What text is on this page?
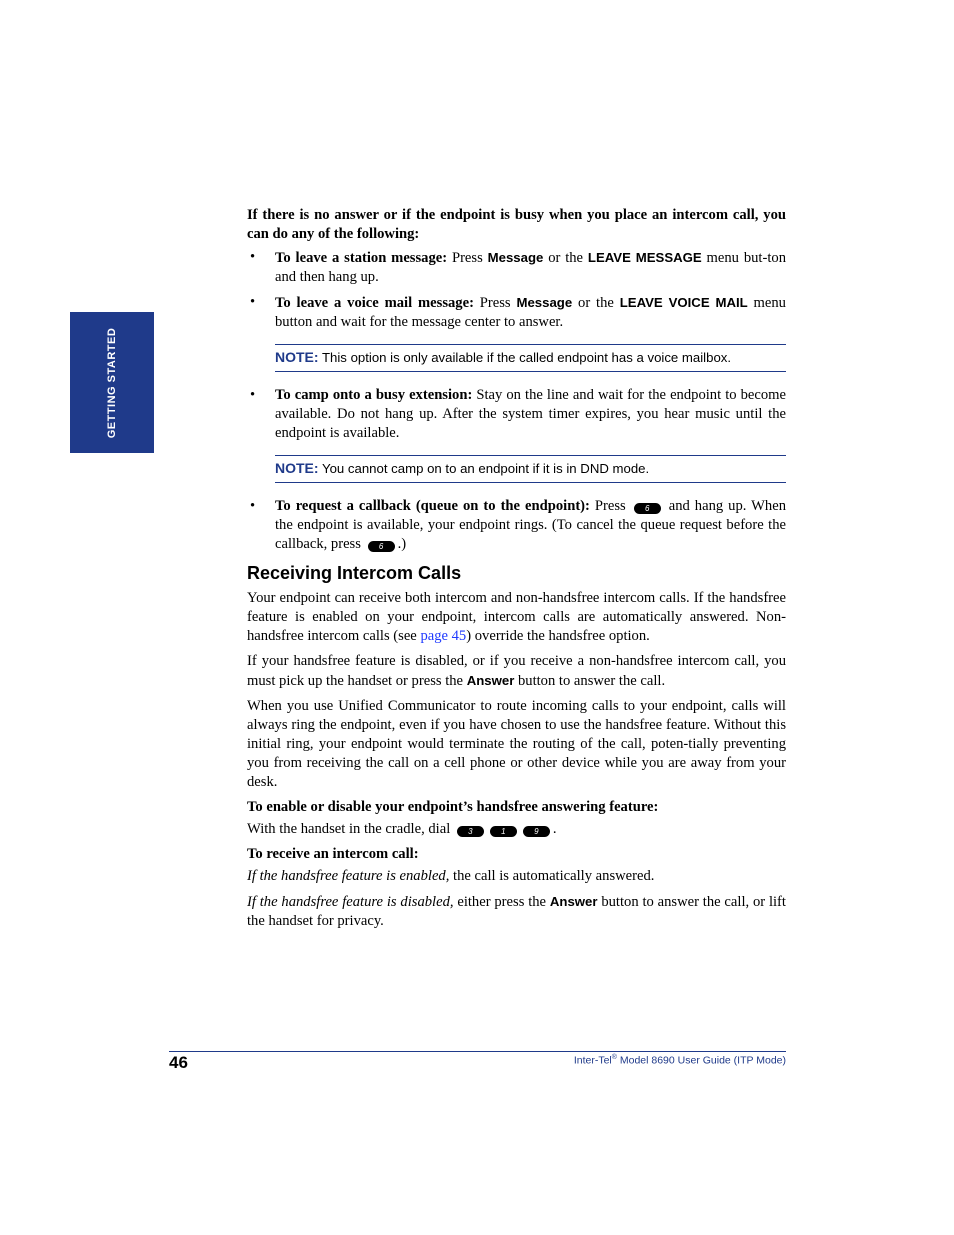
GETTING STARTED

If there is no answer or if the endpoint is busy when you place an intercom call, you can do any of the following:

• To leave a station message: Press Message or the LEAVE MESSAGE menu but-ton and then hang up.
• To leave a voice mail message: Press Message or the LEAVE VOICE MAIL menu button and wait for the message center to answer.
NOTE: This option is only available if the called endpoint has a voice mailbox.
• To camp onto a busy extension: Stay on the line and wait for the endpoint to become available. Do not hang up. After the system timer expires, you hear music until the endpoint is available.
NOTE: You cannot camp on to an endpoint if it is in DND mode.
• To request a callback (queue on to the endpoint): Press 6 and hang up. When the endpoint is available, your endpoint rings. (To cancel the queue request before the callback, press 6 .)
Receiving Intercom Calls

Your endpoint can receive both intercom and non-handsfree intercom calls. If the handsfree feature is enabled on your endpoint, intercom calls are automatically answered. Non-handsfree intercom calls (see page 45) override the handsfree option.

If your handsfree feature is disabled, or if you receive a non-handsfree intercom call, you must pick up the handset or press the Answer button to answer the call.

When you use Unified Communicator to route incoming calls to your endpoint, calls will always ring the endpoint, even if you have chosen to use the handsfree feature. Without this initial ring, your endpoint would terminate the routing of the call, poten-tially preventing you from receiving the call on a cell phone or other device while you are away from your desk.

To enable or disable your endpoint’s handsfree answering feature:

With the handset in the cradle, dial 3	1	9 .

To receive an intercom call:

If the handsfree feature is enabled, the call is automatically answered.

If the handsfree feature is disabled, either press the Answer button to answer the call, or lift the handset for privacy.

46	Inter-Tel® Model 8690 User Guide (ITP Mode)
